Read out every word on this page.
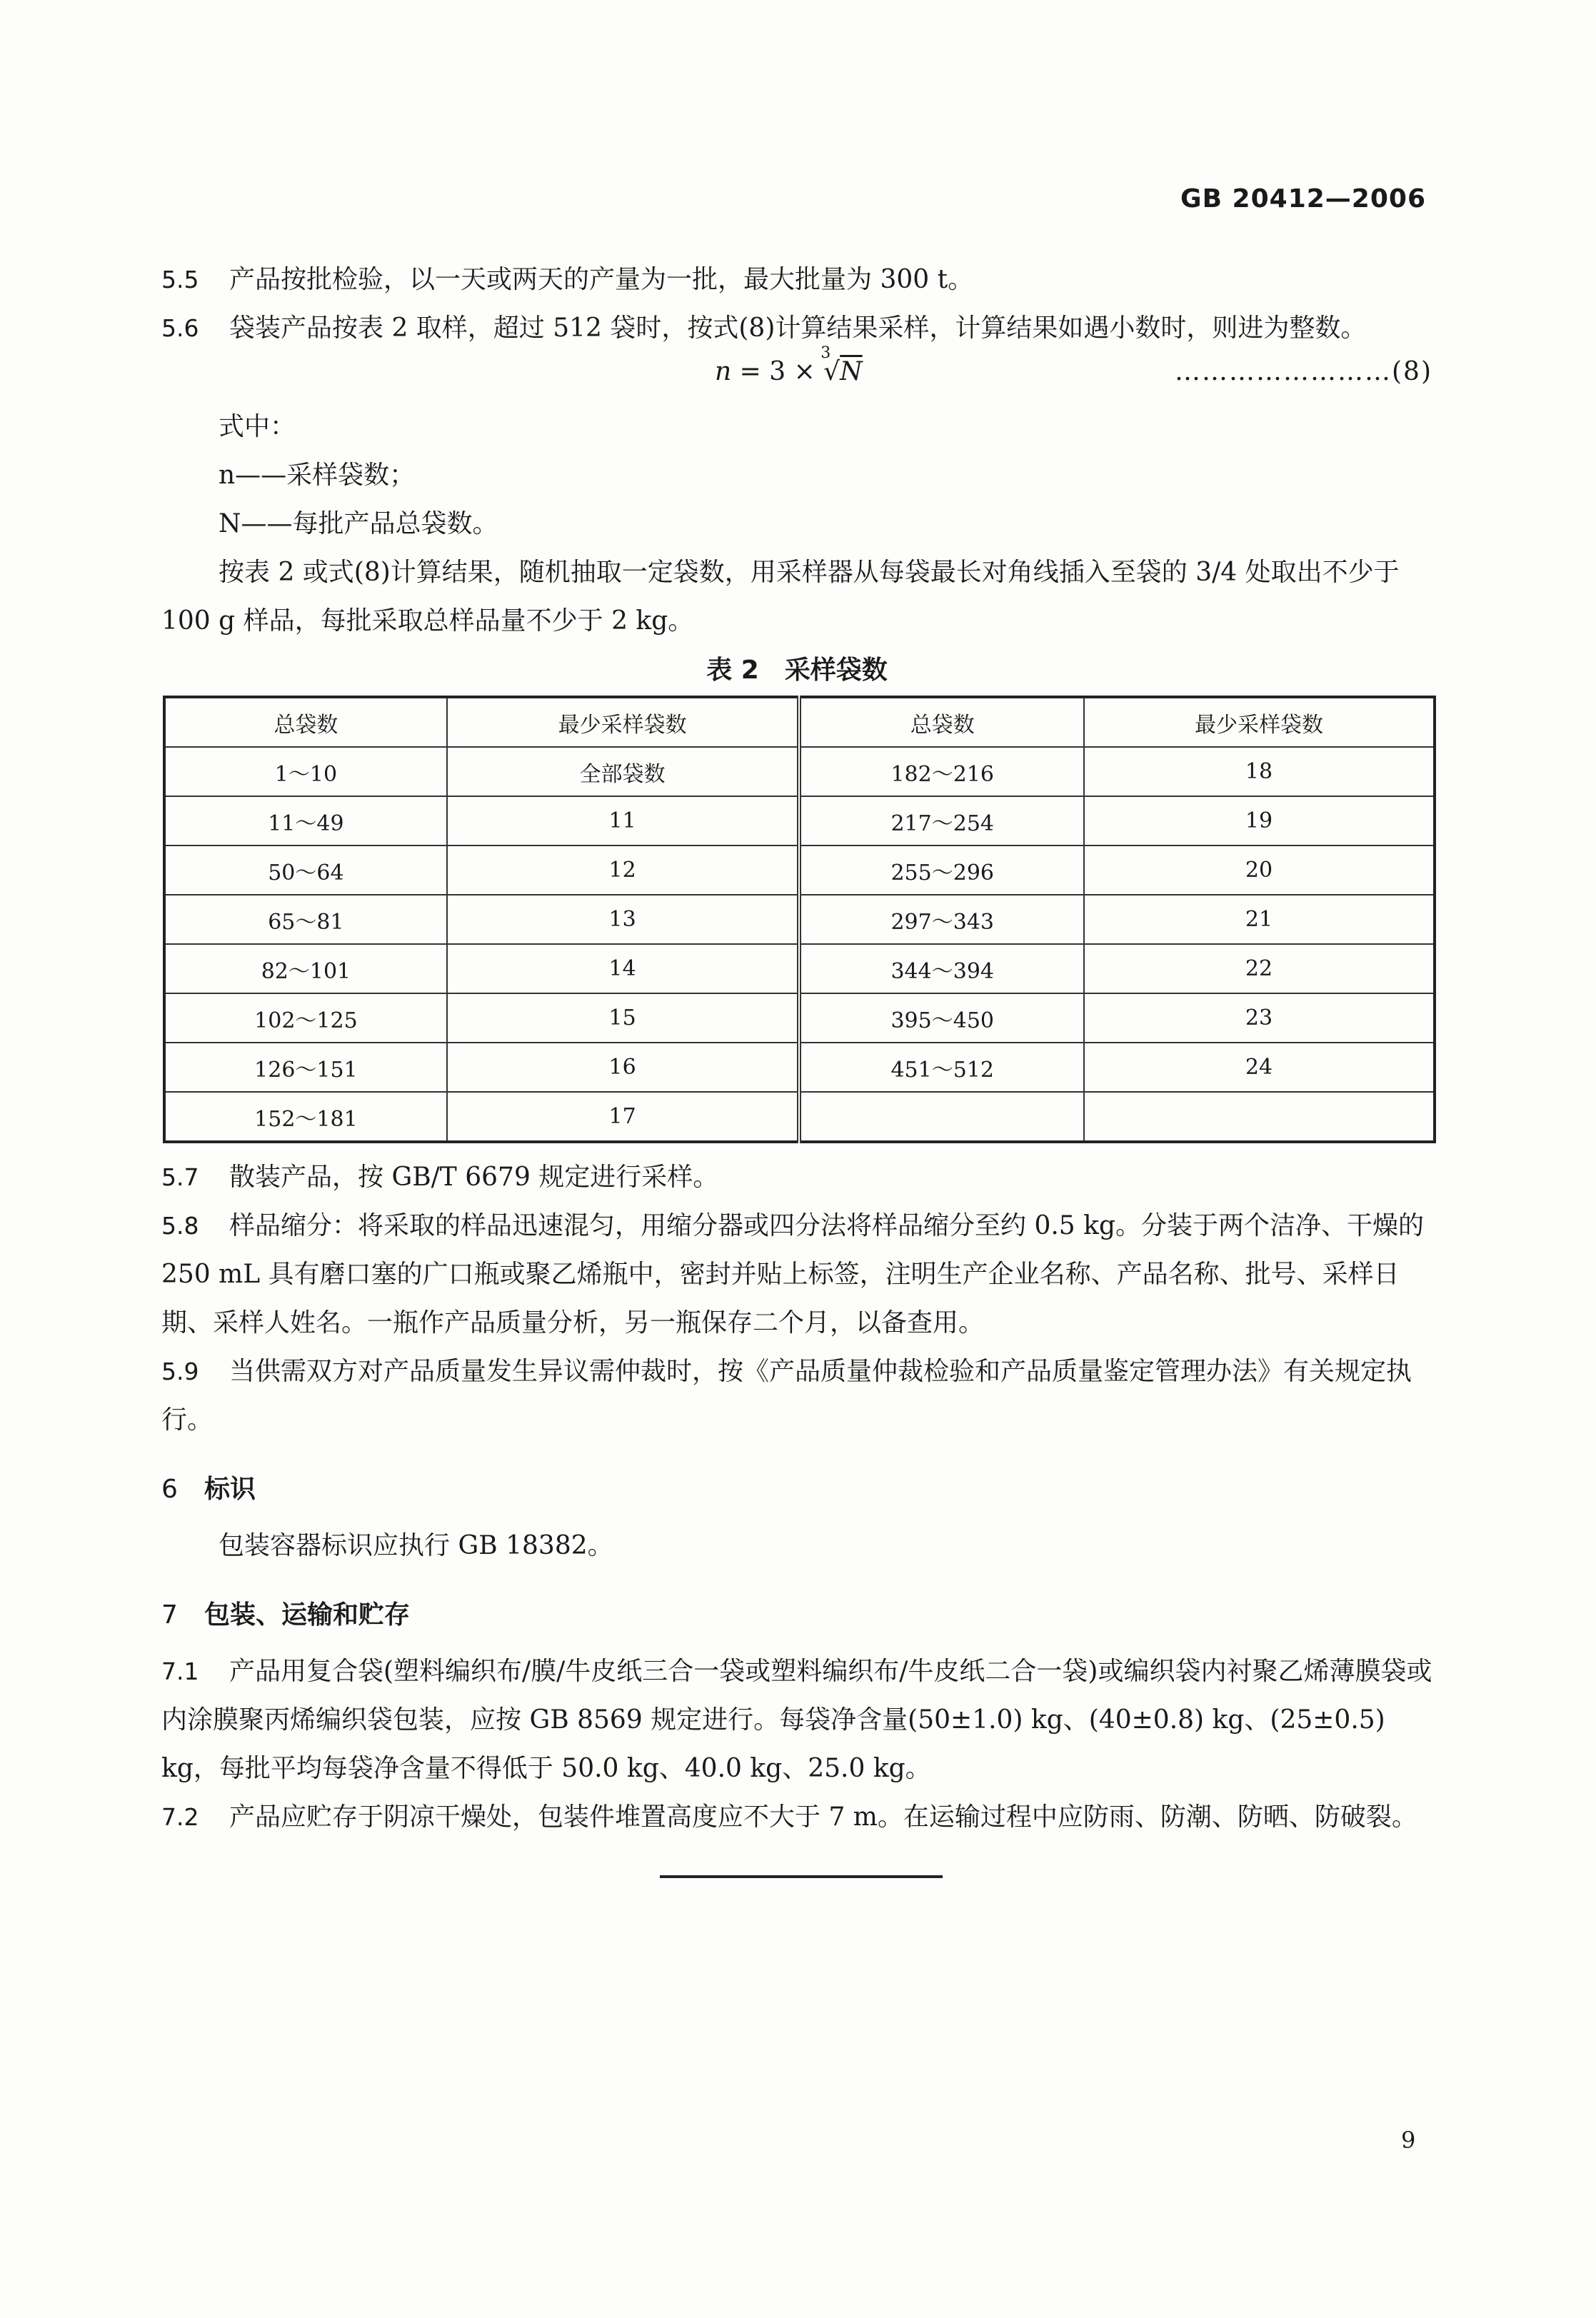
GB 20412—2006

5.5 产品按批检验，以一天或两天的产量为一批，最大批量为 300 t。

5.6 袋装产品按表 2 取样，超过 512 袋时，按式(8)计算结果采样，计算结果如遇小数时，则进为整数。

n = 3 ×
3
√N	……………………(8)

式中：

n——采样袋数；

N——每批产品总袋数。

按表 2 或式(8)计算结果，随机抽取一定袋数，用采样器从每袋最长对角线插入至袋的 3/4 处取出不少于 100 g 样品，每批采取总样品量不少于 2 kg。

表 2　采样袋数

总袋数	最少采样袋数	总袋数	最少采样袋数
1～10	全部袋数	182～216	18
11～49	11	217～254	19
50～64	12	255～296	20
65～81	13	297～343	21
82～101	14	344～394	22
102～125	15	395～450	23
126～151	16	451～512	24
152～181	17		

5.7 散装产品，按 GB/T 6679 规定进行采样。

5.8 样品缩分：将采取的样品迅速混匀，用缩分器或四分法将样品缩分至约 0.5 kg。分装于两个洁净、干燥的 250 mL 具有磨口塞的广口瓶或聚乙烯瓶中，密封并贴上标签，注明生产企业名称、产品名称、批号、采样日期、采样人姓名。一瓶作产品质量分析，另一瓶保存二个月，以备查用。

5.9 当供需双方对产品质量发生异议需仲裁时，按《产品质量仲裁检验和产品质量鉴定管理办法》有关规定执行。

6 标识

包装容器标识应执行 GB 18382。

7 包装、运输和贮存

7.1 产品用复合袋(塑料编织布/膜/牛皮纸三合一袋或塑料编织布/牛皮纸二合一袋)或编织袋内衬聚乙烯薄膜袋或内涂膜聚丙烯编织袋包装，应按 GB 8569 规定进行。每袋净含量(50±1.0) kg、(40±0.8) kg、(25±0.5) kg，每批平均每袋净含量不得低于 50.0 kg、40.0 kg、25.0 kg。

7.2 产品应贮存于阴凉干燥处，包装件堆置高度应不大于 7 m。在运输过程中应防雨、防潮、防晒、防破裂。

9
